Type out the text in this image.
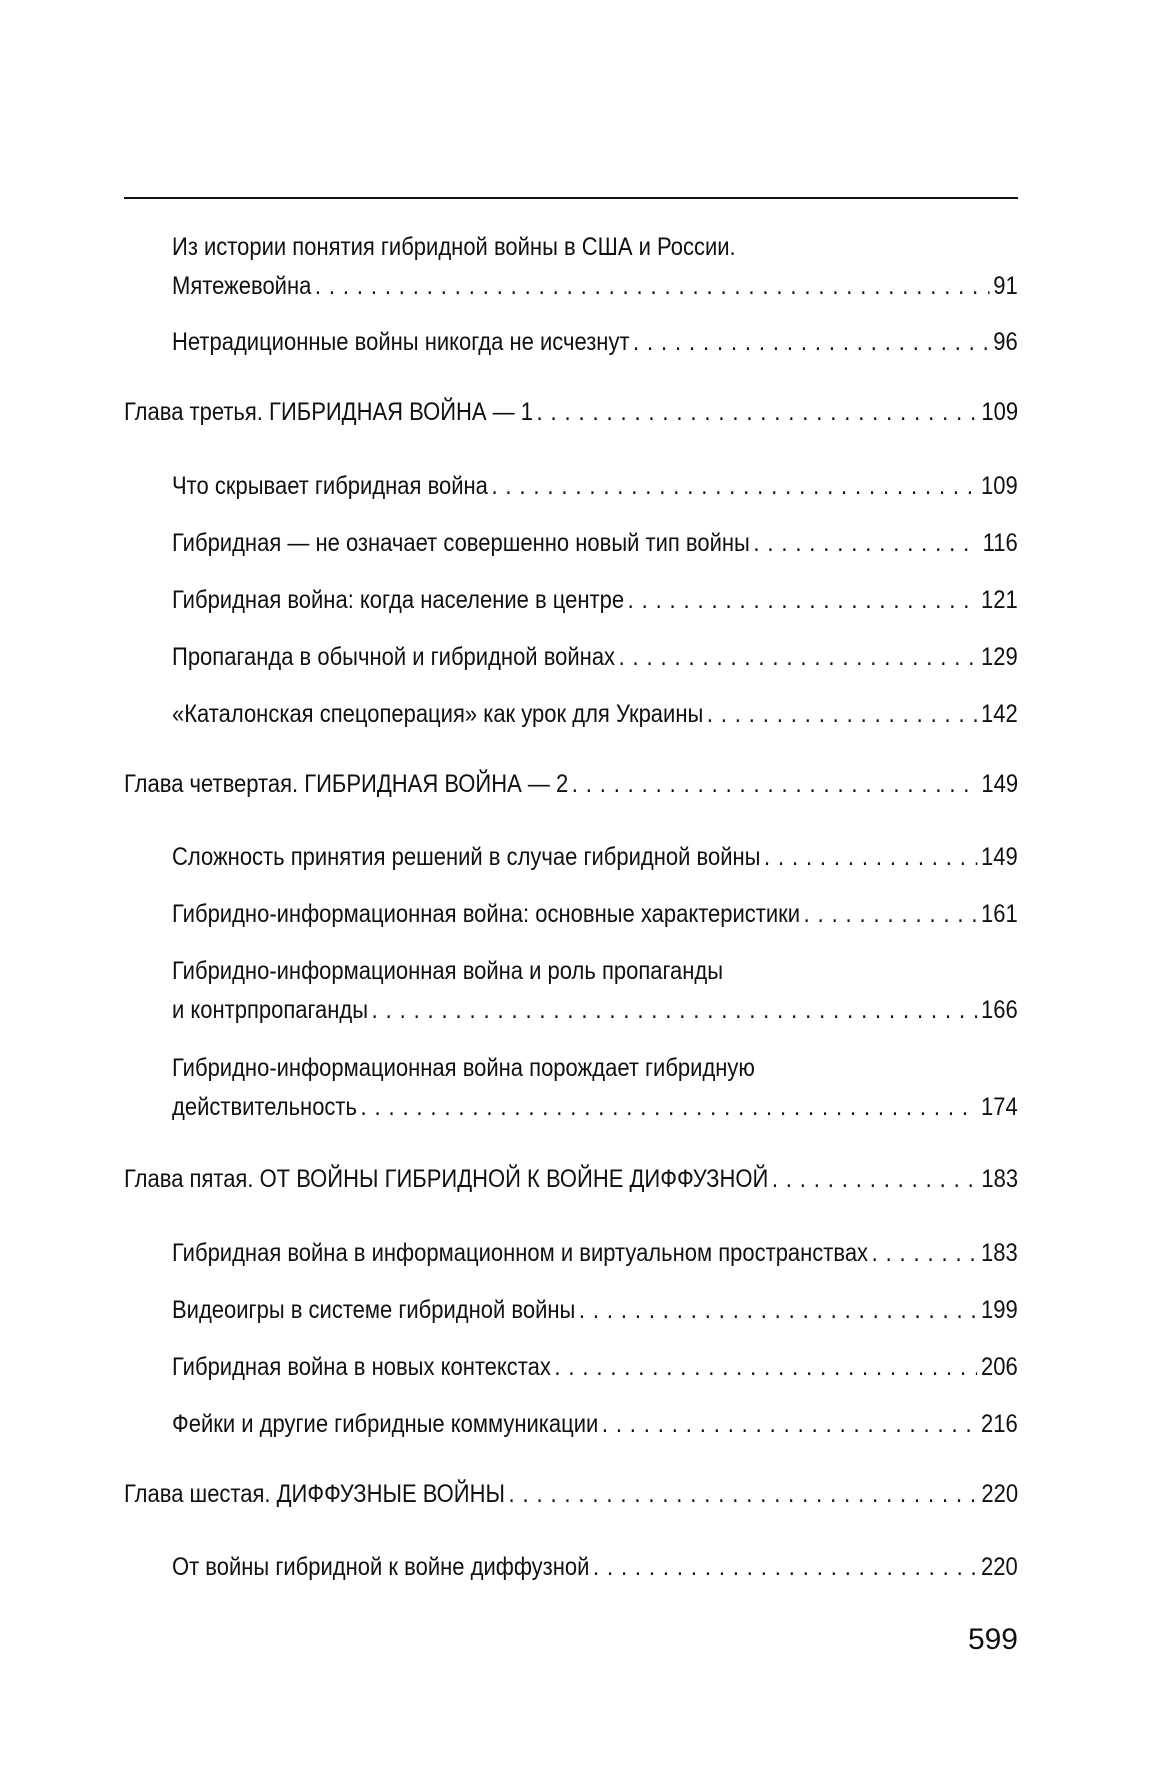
Из истории понятия гибридной войны в США и России.
Мятежевойна . . .	91
Нетрадиционные войны никогда не исчезнут . . .	96
Глава третья. ГИБРИДНАЯ ВОЙНА — 1 . . .	109
Что скрывает гибридная война . . .	109
Гибридная — не означает совершенно новый тип войны . . .	116
Гибридная война: когда население в центре . . .	121
Пропаганда в обычной и гибридной войнах . . .	129
«Каталонская спецоперация» как урок для Украины . . .	142
Глава четвертая. ГИБРИДНАЯ ВОЙНА — 2 . . .	149
Сложность принятия решений в случае гибридной войны . . .	149
Гибридно-информационная война: основные характеристики . . .	161
Гибридно-информационная война и роль пропаганды
и контрпропаганды . . .	166
Гибридно-информационная война порождает гибридную
действительность . . .	174
Глава пятая. ОТ ВОЙНЫ ГИБРИДНОЙ К ВОЙНЕ ДИФФУЗНОЙ . . .	183
Гибридная война в информационном и виртуальном пространствах . . .	183
Видеоигры в системе гибридной войны . . .	199
Гибридная война в новых контекстах . . .	206
Фейки и другие гибридные коммуникации . . .	216
Глава шестая. ДИФФУЗНЫЕ ВОЙНЫ . . .	220
От войны гибридной к войне диффузной . . .	220
599
